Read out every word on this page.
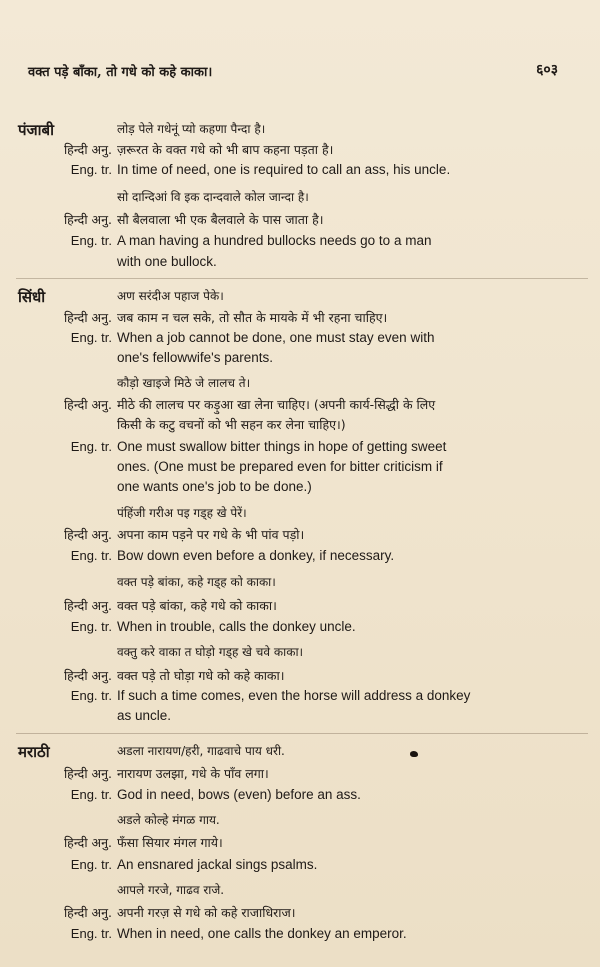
वक्त पड़े बाँका, तो गधे को कहे काका।	६०३
पंजाबी	लोड़ पेले गधेनूं प्यो कहणा पैन्दा है।
हिन्दी अनु. ज़रूरत के वक्त गधे को भी बाप कहना पड़ता है।
Eng. tr. In time of need, one is required to call an ass, his uncle.
सो दान्दिआं वि इक दान्दवाले कोल जान्दा है।
हिन्दी अनु. सौ बैलवाला भी एक बैलवाले के पास जाता है।
Eng. tr. A man having a hundred bullocks needs go to a man
with one bullock.
सिंधी	अण सरंदीअ पहाज पेके।
हिन्दी अनु. जब काम न चल सके, तो सौत के मायके में भी रहना चाहिए।
Eng. tr. When a job cannot be done, one must stay even with
one's fellowwife's parents.
कौड़ो खाइजे मिठे जे लालच ते।
हिन्दी अनु. मीठे की लालच पर कड़ुआ खा लेना चाहिए। (अपनी कार्य-सिद्धी के लिए
किसी के कटु वचनों को भी सहन कर लेना चाहिए।)
Eng. tr. One must swallow bitter things in hope of getting sweet
ones. (One must be prepared even for bitter criticism if
one wants one's job to be done.)
पंहिंजी गरीअ पइ गड्ह खे पेरें।
हिन्दी अनु. अपना काम पड़ने पर गधे के भी पांव पड़ो।
Eng. tr. Bow down even before a donkey, if necessary.
वक्त पड़े बांका, कहे गड्ह को काका।
हिन्दी अनु. वक्त पड़े बांका, कहे गधे को काका।
Eng. tr. When in trouble, calls the donkey uncle.
वक्तु करे वाका त घोड़ो गड्ह खे चवे काका।
हिन्दी अनु. वक्त पड़े तो घोड़ा गधे को कहे काका।
Eng. tr. If such a time comes, even the horse will address a donkey
as uncle.
मराठी	अडला नारायण/हरी, गाढवाचे पाय धरी.
हिन्दी अनु. नारायण उलझा, गधे के पाँव लगा।
Eng. tr. God in need, bows (even) before an ass.
अडले कोल्हे मंगळ गाय.
हिन्दी अनु. फँसा सियार मंगल गाये।
Eng. tr. An ensnared jackal sings psalms.
आपले गरजे, गाढव राजे.
हिन्दी अनु. अपनी गरज़ से गधे को कहे राजाधिराज।
Eng. tr. When in need, one calls the donkey an emperor.
